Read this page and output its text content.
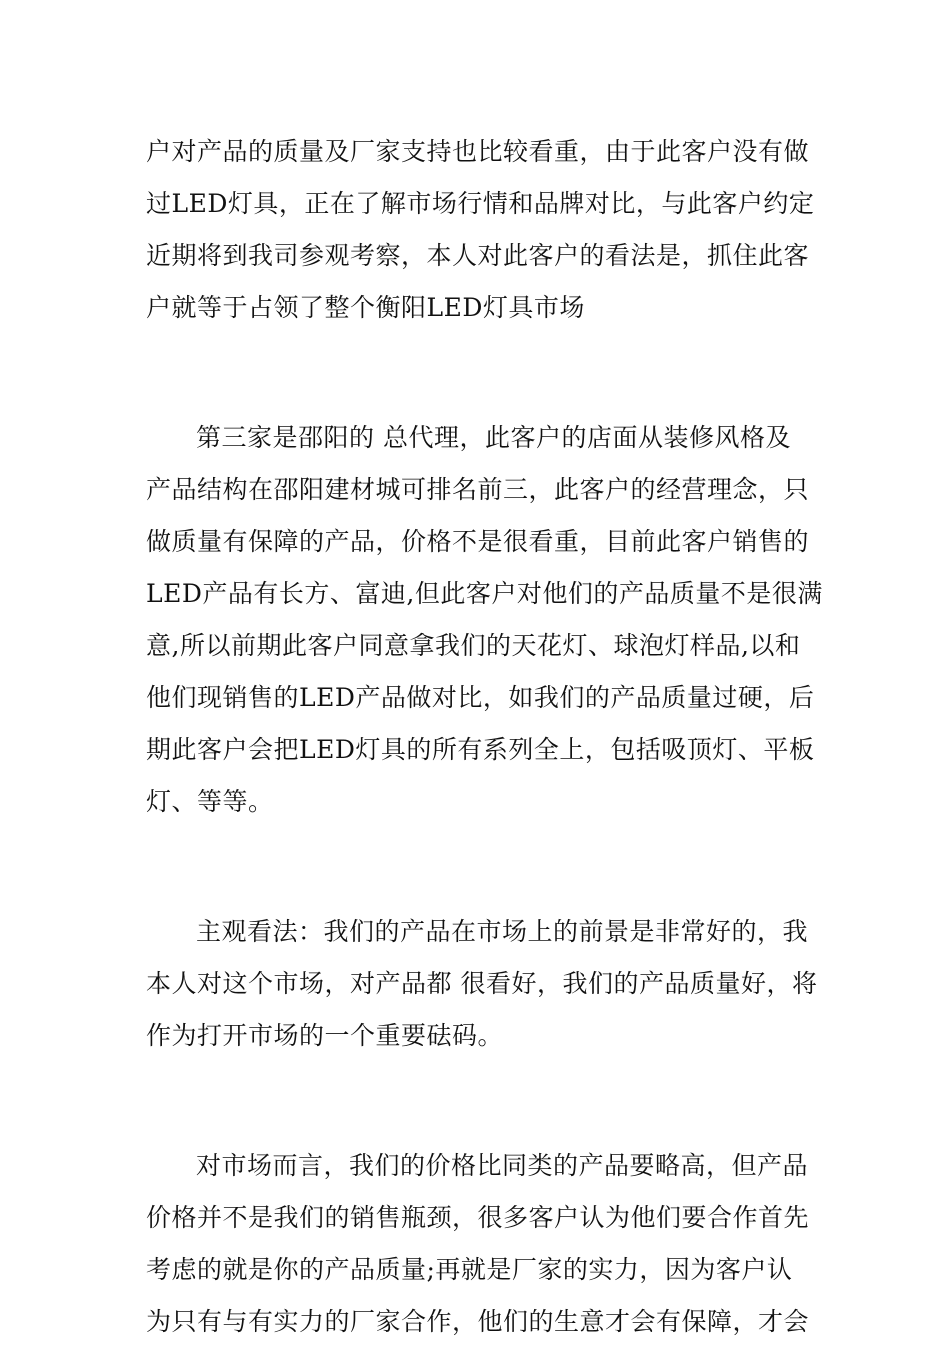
户对产品的质量及厂家支持也比较看重，由于此客户没有做
过LED灯具，正在了解市场行情和品牌对比，与此客户约定
近期将到我司参观考察，本人对此客户的看法是，抓住此客
户就等于占领了整个衡阳LED灯具市场
第三家是邵阳的 总代理，此客户的店面从装修风格及
产品结构在邵阳建材城可排名前三，此客户的经营理念，只
做质量有保障的产品，价格不是很看重，目前此客户销售的
LED产品有长方、富迪,但此客户对他们的产品质量不是很满
意,所以前期此客户同意拿我们的天花灯、球泡灯样品,以和
他们现销售的LED产品做对比，如我们的产品质量过硬，后
期此客户会把LED灯具的所有系列全上，包括吸顶灯、平板
灯、等等。
主观看法：我们的产品在市场上的前景是非常好的，我
本人对这个市场，对产品都 很看好，我们的产品质量好，将
作为打开市场的一个重要砝码。
对市场而言，我们的价格比同类的产品要略高，但产品
价格并不是我们的销售瓶颈，很多客户认为他们要合作首先
考虑的就是你的产品质量;再就是厂家的实力，因为客户认
为只有与有实力的厂家合作，他们的生意才会有保障，才会
